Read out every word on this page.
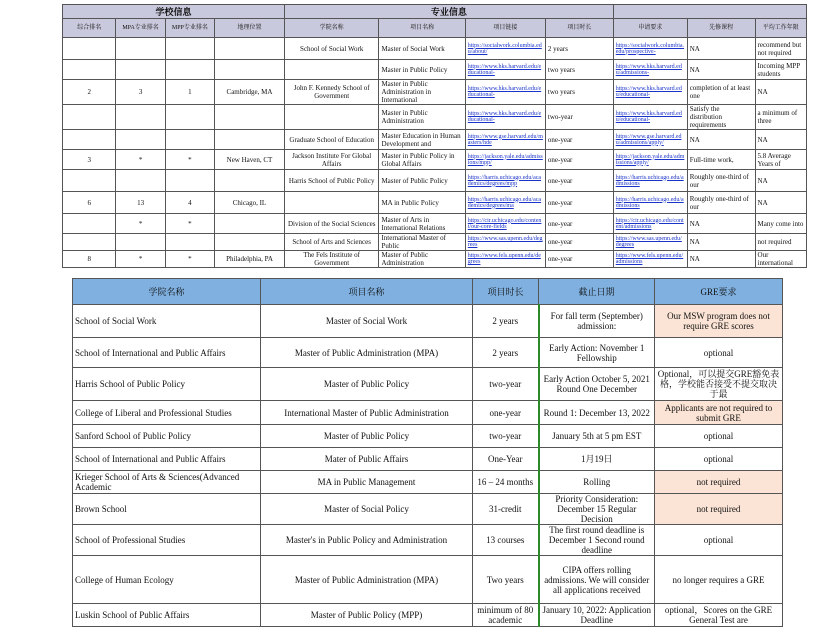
学校信息				专业信息						
综合排名	MPA专业排名	MPP专业排名	地理位置	学院名称	项目名称	项目链接	项目时长	申请要求	先修课程	平均工作年限
				School of Social Work	Master of Social Work	https://socialwork.columbia.edu/about/	2 years	https://socialwork.columbia.edu/prospective-	NA	recommend but not required
					Master in Public Policy	https://www.hks.harvard.edu/educational-	two years	https://www.hks.harvard.edu/admissions-	NA	Incoming MPP students
2	3	1	Cambridge, MA	John F. Kennedy School of Government	Master in Public Administration in International	https://www.hks.harvard.edu/educational-	two years	https://www.hks.harvard.edu/educational-	completion of at least one	NA
					Master in Public Administration	https://www.hks.harvard.edu/educational-	two-year	https://www.hks.harvard.edu/educational-	Satisfy the distribution requirements	a minimum of three
				Graduate School of Education	Master Education in Human Development and	https://www.gse.harvard.edu/masters/hde	one-year	https://www.gse.harvard.edu/admissions/apply/	NA	NA
3	*	*	New Haven, CT	Jackson Institute For Global Affairs	Master in Public Policy in Global Affairs	https://jackson.yale.edu/admissions/mpp/	one-year	https://jackson.yale.edu/admissions/apply/	Full-time work,	5.8 Average Years of
				Harris School of Public Policy	Master of Public Policy	https://harris.uchicago.edu/academics/degrees/mpp	one-year	https://harris.uchicago.edu/admissions	Roughly one-third of our	NA
6	13	4	Chicago, IL		MA in Public Policy	https://harris.uchicago.edu/academics/degrees/ma	one-year	https://harris.uchicago.edu/admissions	Roughly one-third of our	NA
	*	*		Division of the Social Sciences	Master of Arts in International Relations	https://cir.uchicago.edu/content/our-core-fields	one-year	https://cir.uchicago.edu/content/admissions	NA	Many come into
				School of Arts and Sciences	International Master of Public	https://www.sas.upenn.edu/degrees	one-year	https://www.sas.upenn.edu/degrees	NA	not required
8	*	*	Philadelphia, PA	The Fels Institute of Government	Master of Public Administration	https://www.fels.upenn.edu/degrees	one-year	https://www.fels.upenn.edu/admissions	NA	Our international
学院名称	项目名称	项目时长	截止日期	GRE要求
School of Social Work	Master of Social Work	2 years	For fall term (September) admission:	Our MSW program does not require GRE scores
School of International and Public Affairs	Master of Public Administration (MPA)	2 years	Early Action: November 1 Fellowship	optional
Harris School of Public Policy	Master of Public Policy	two-year	Early Action October 5, 2021 Round One December	Optional，可以提交GRE豁免表格，学校能否接受不提交取决于最
College of Liberal and Professional Studies	International Master of Public Administration	one-year	Round 1: December 13, 2022	Applicants are not required to submit GRE
Sanford School of Public Policy	Master of Public Policy	two-year	January 5th at 5 pm EST	optional
School of International and Public Affairs	Mater of Public Affairs	One-Year	1月19日	optional
Krieger School of Arts & Sciences(Advanced Academic	MA in Public Management	16 – 24 months	Rolling	not required
Brown School	Master of Social Policy	31-credit	Priority Consideration: December 15 Regular Decision	not required
School of Professional Studies	Master's in Public Policy and Administration	13 courses	The first round deadline is December 1 Second round deadline	optional
College of Human Ecology	Master of Public Administration (MPA)	Two years	CIPA offers rolling admissions. We will consider all applications received	no longer requires a GRE
Luskin School of Public Affairs	Master of Public Policy (MPP)	minimum of 80 academic	January 10, 2022: Application Deadline	optional，Scores on the GRE General Test are
